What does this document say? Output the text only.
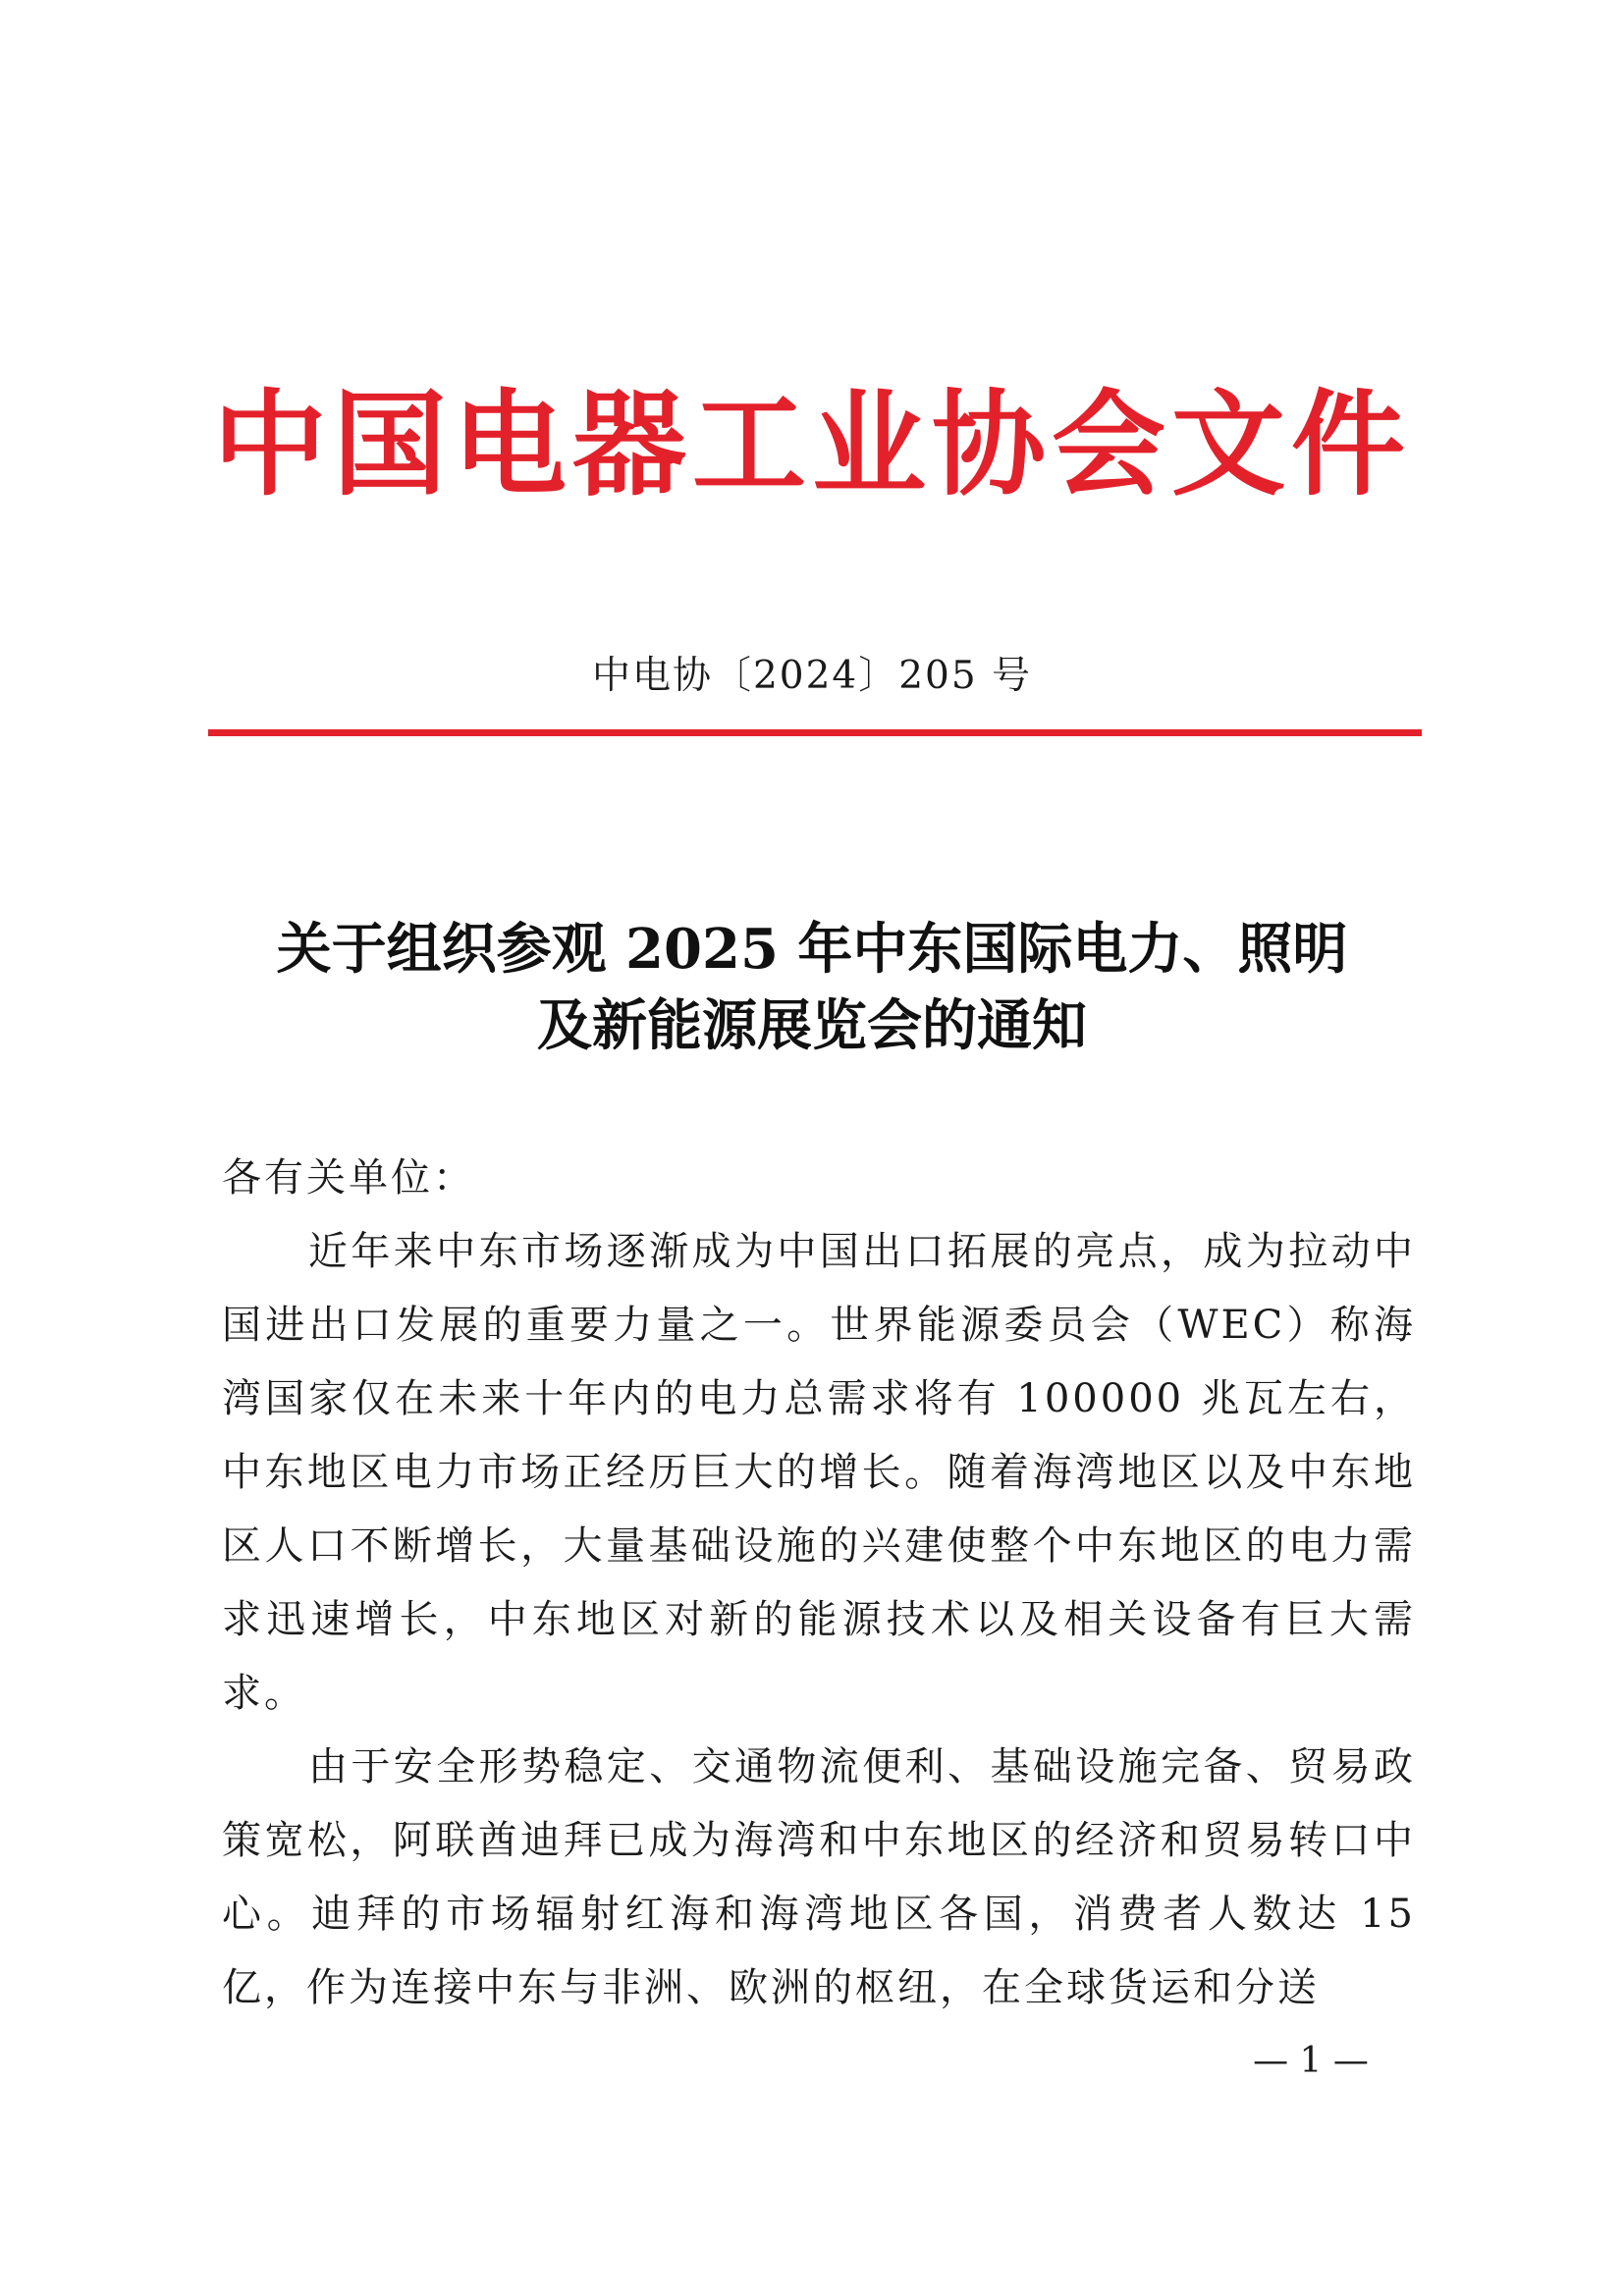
中国电器工业协会文件
中电协〔2024〕205 号
关于组织参观 2025 年中东国际电力、照明
及新能源展览会的通知
各有关单位：

近年来中东市场逐渐成为中国出口拓展的亮点，成为拉动中国进出口发展的重要力量之一。世界能源委员会（WEC）称海湾国家仅在未来十年内的电力总需求将有 100000 兆瓦左右，中东地区电力市场正经历巨大的增长。随着海湾地区以及中东地区人口不断增长，大量基础设施的兴建使整个中东地区的电力需求迅速增长，中东地区对新的能源技术以及相关设备有巨大需求。

由于安全形势稳定、交通物流便利、基础设施完备、贸易政策宽松，阿联酋迪拜已成为海湾和中东地区的经济和贸易转口中心。迪拜的市场辐射红海和海湾地区各国，消费者人数达 15 亿，作为连接中东与非洲、欧洲的枢纽，在全球货运和分送

— 1 —
